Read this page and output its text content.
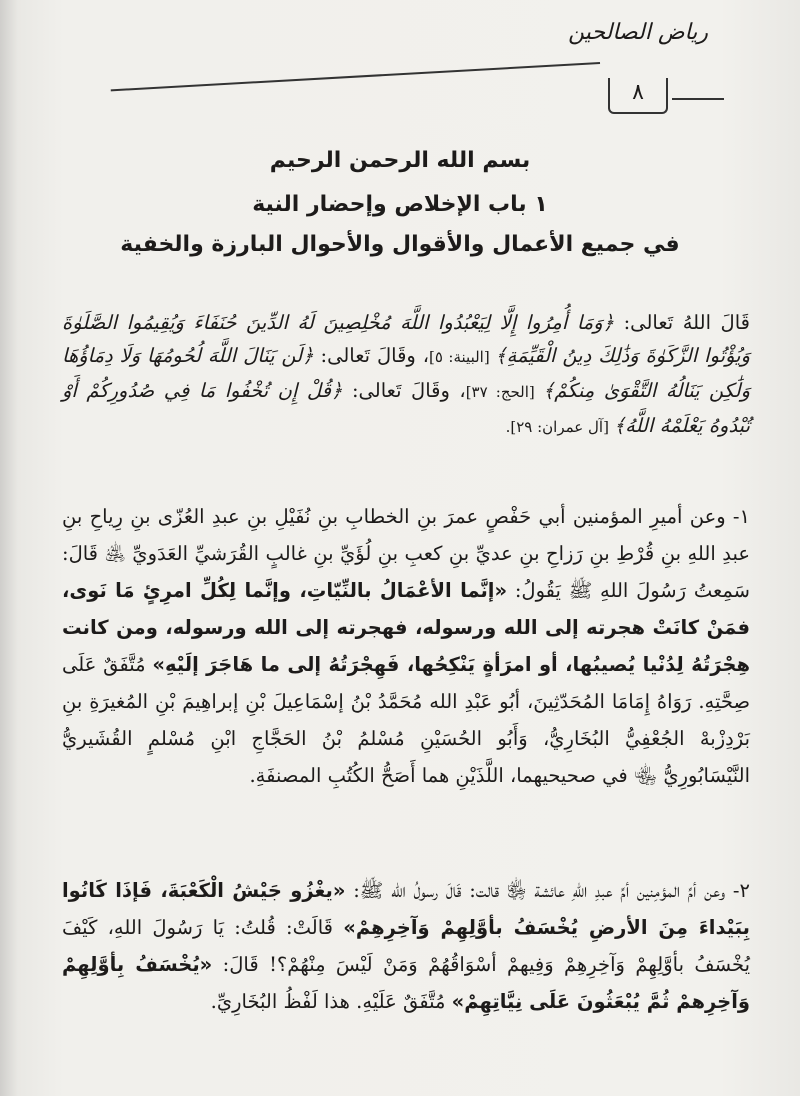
رياض الصالحين
٨
بسم الله الرحمن الرحيم
١ باب الإخلاص وإحضار النية
في جميع الأعمال والأقوال والأحوال البارزة والخفية

قَالَ اللهُ تَعالى: ﴿وَمَا أُمِرُوا إِلَّا لِيَعْبُدُوا اللَّهَ مُخْلِصِينَ لَهُ الدِّينَ حُنَفَاءَ وَيُقِيمُوا الصَّلَوٰةَ وَيُؤْتُوا الزَّكَوٰةَ وَذَٰلِكَ دِينُ الْقَيِّمَةِ﴾ [البينة: ٥]، وقَالَ تَعالى: ﴿لَن يَنَالَ اللَّهَ لُحُومُهَا وَلَا دِمَاؤُهَا وَلَٰكِن يَنَالُهُ التَّقْوَىٰ مِنكُمْ﴾ [الحج: ٣٧]، وقَالَ تَعالى: ﴿قُلْ إِن تُخْفُوا مَا فِي صُدُورِكُمْ أَوْ تُبْدُوهُ يَعْلَمْهُ اللَّهُ﴾ [آل عمران: ٢٩].

١- وعن أميرِ المؤمنين أبي حَفْصٍ عمرَ بنِ الخطابِ بنِ نُفَيْلِ بنِ عبدِ العُزّى بنِ رِياحِ بنِ عبدِ اللهِ بنِ قُرْطِ بنِ رَزاحِ بنِ عديِّ بنِ كعبِ بنِ لُؤَيِّ بنِ غالبٍ القُرَشيِّ العَدَويِّ ﵁ قَالَ: سَمِعتُ رَسُولَ اللهِ ﷺ يَقُولُ: «إنَّما الأعْمَالُ بالنِّيّاتِ، وإنَّما لِكُلِّ امرِئٍ مَا نَوى، فمَنْ كانَتْ هجرته إلى الله ورسوله، فهجرته إلى الله ورسوله، ومن كانت هِجْرَتُهُ لِدُنْيا يُصيبُها، أو امرَأةٍ يَنْكِحُها، فَهِجْرَتُهُ إلى ما هَاجَرَ إلَيْهِ» مُتَّفَقٌ عَلَى صِحَّتِهِ. رَوَاهُ إِمَامَا المُحَدّثِينَ، أبُو عَبْدِ الله مُحَمَّدُ بْنُ إسْمَاعِيلَ بْنِ إبراهِيمَ بْنِ المُغيرَةِ بنِ بَرْدِزْبهْ الجُعْفِيُّ البُخَارِيُّ، وَأَبُو الحُسَيْنِ مُسْلمُ بْنُ الحَجَّاجِ ابْنِ مُسْلمٍ القُشَيريُّ النَّيْسَابُورِيُّ ﵄ في صحيحيهما، اللَّذَيْنِ هما أَصَحُّ الكُتُبِ المصنفَةِ.

٢- وعن أمِّ المؤمِنين أمِّ عبدِ اللهِ عائشة ﵂ قالت: قَالَ رسولُ الله ﷺ: «يغْزُو جَيْشُ الْكَعْبَةَ، فَإذَا كَانُوا بِبَيْداءَ مِنَ الأرضِ يُخْسَفُ بأوَّلِهِمْ وَآخِرِهِمْ» قَالَتْ: قُلتُ: يَا رَسُولَ اللهِ، كَيْفَ يُخْسَفُ بأوَّلِهِمْ وَآخِرِهِمْ وَفِيهمْ أسْوَاقُهُمْ وَمَنْ لَيْسَ مِنْهُمْ؟! قَالَ: «يُخْسَفُ بِأوَّلِهِمْ وَآخِرِهمْ ثُمَّ يُبْعَثُونَ عَلَى نِيَّاتِهِمْ» مُتَّفَقٌ عَلَيْهِ. هذا لَفْظُ البُخَارِيِّ.
